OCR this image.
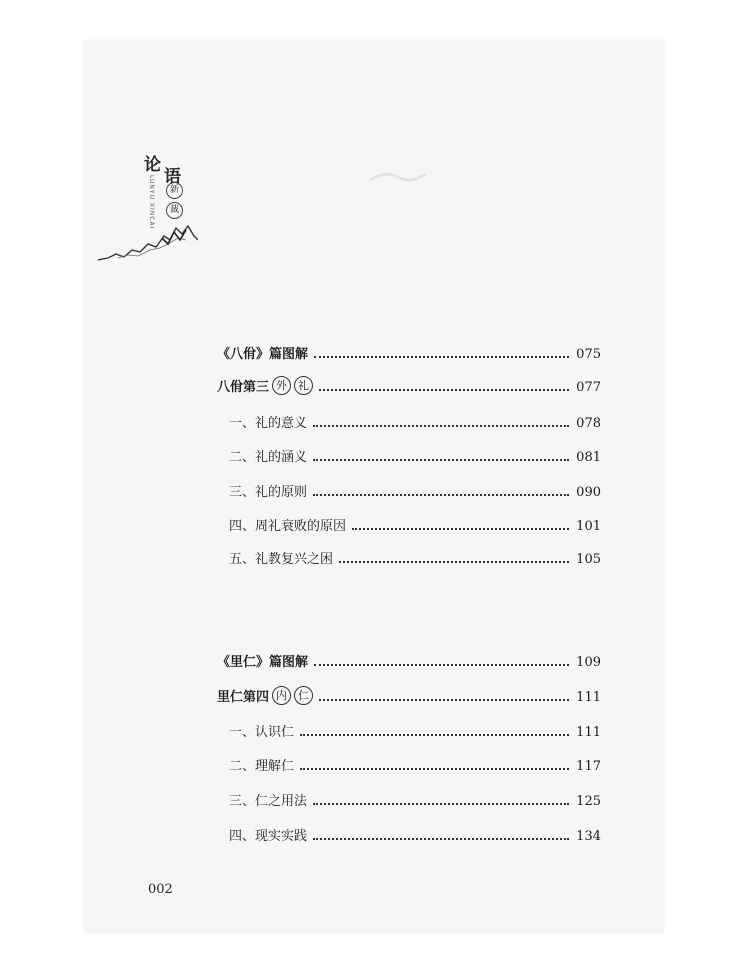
论
语
LUNYU XINCAI	新
裁
《八佾》篇图解	075
八佾第三 外	礼	077
一、礼的意义	078
二、礼的涵义	081
三、礼的原则	090
四、周礼衰败的原因	101
五、礼教复兴之困	105
《里仁》篇图解	109
里仁第四 内	仁	111
一、认识仁	111
二、理解仁	117
三、仁之用法	125
四、现实实践	134
002
